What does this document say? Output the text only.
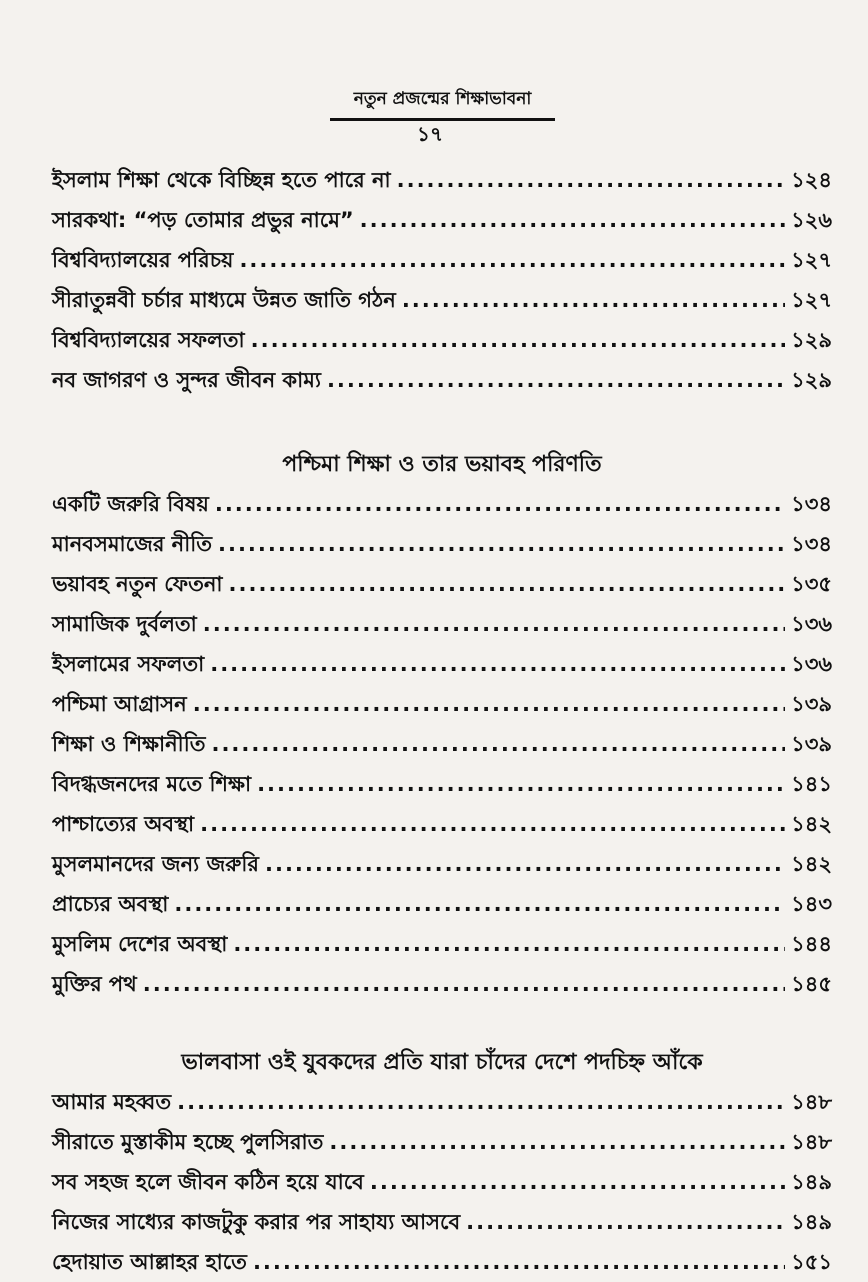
নতুন প্রজন্মের শিক্ষাভাবনা
১৭
ইসলাম শিক্ষা থেকে বিচ্ছিন্ন হতে পারে না .....	১২৪
সারকথা: “পড় তোমার প্রভুর নামে” .....	১২৬
বিশ্ববিদ্যালয়ের পরিচয় .....	১২৭
সীরাতুন্নবী চর্চার মাধ্যমে উন্নত জাতি গঠন .....	১২৭
বিশ্ববিদ্যালয়ের সফলতা .....	১২৯
নব জাগরণ ও সুন্দর জীবন কাম্য .....	১২৯
পশ্চিমা শিক্ষা ও তার ভয়াবহ পরিণতি
একটি জরুরি বিষয় .....	১৩৪
মানবসমাজের নীতি .....	১৩৪
ভয়াবহ নতুন ফেতনা .....	১৩৫
সামাজিক দুর্বলতা .....	১৩৬
ইসলামের সফলতা .....	১৩৬
পশ্চিমা আগ্রাসন .....	১৩৯
শিক্ষা ও শিক্ষানীতি .....	১৩৯
বিদগ্ধজনদের মতে শিক্ষা .....	১৪১
পাশ্চাত্যের অবস্থা .....	১৪২
মুসলমানদের জন্য জরুরি .....	১৪২
প্রাচ্যের অবস্থা .....	১৪৩
মুসলিম দেশের অবস্থা .....	১৪৪
মুক্তির পথ .....	১৪৫
ভালবাসা ওই যুবকদের প্রতি যারা চাঁদের দেশে পদচিহ্ন আঁকে
আমার মহব্বত .....	১৪৮
সীরাতে মুস্তাকীম হচ্ছে পুলসিরাত .....	১৪৮
সব সহজ হলে জীবন কঠিন হয়ে যাবে .....	১৪৯
নিজের সাধ্যের কাজটুকু করার পর সাহায্য আসবে .....	১৪৯
হেদায়াত আল্লাহর হাতে .....	১৫১
